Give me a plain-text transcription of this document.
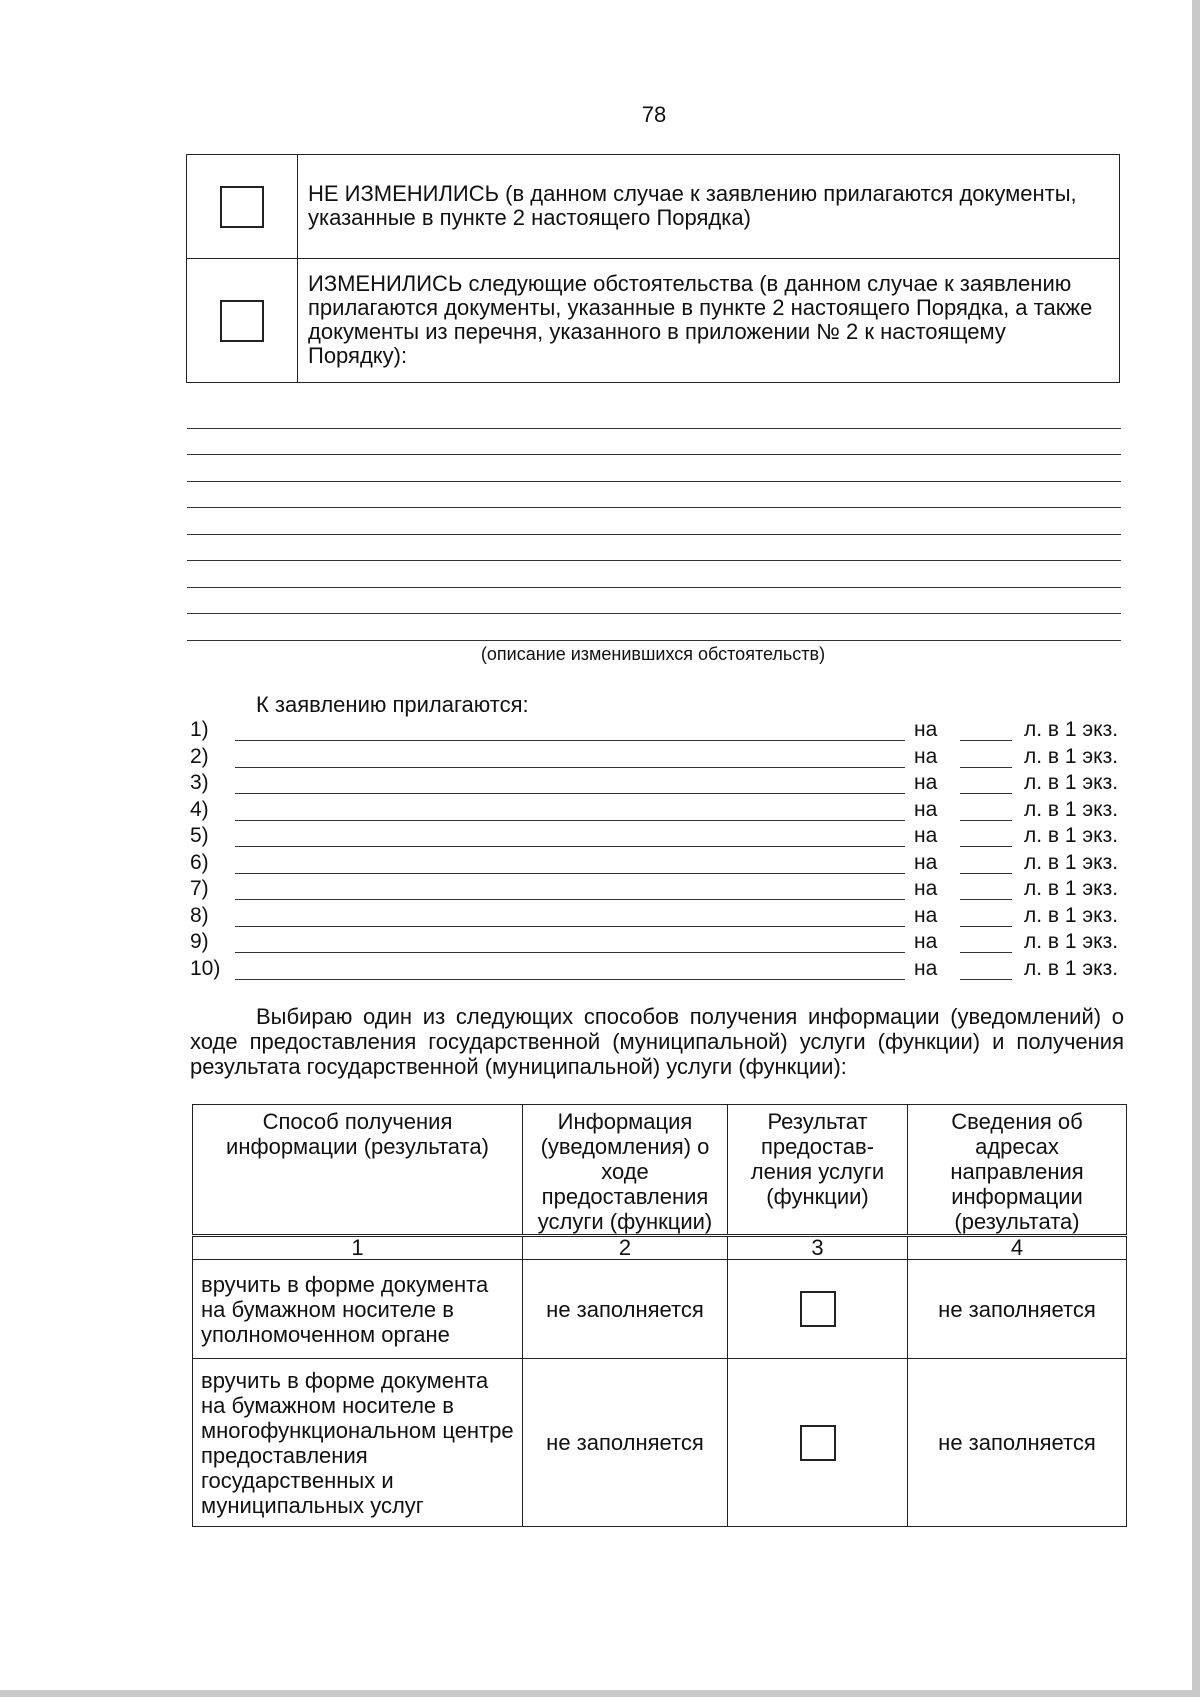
78
	НЕ ИЗМЕНИЛИСЬ (в данном случае к заявлению прилагаются документы, указанные в пункте 2 настоящего Порядка)
	ИЗМЕНИЛИСЬ следующие обстоятельства (в данном случае к заявлению прилагаются документы, указанные в пункте 2 настоящего Порядка, а также документы из перечня, указанного в приложении № 2 к настоящему Порядку):
(описание изменившихся обстоятельств)
К заявлению прилагаются:
1)	на	л. в 1 экз.
2)	на	л. в 1 экз.
3)	на	л. в 1 экз.
4)	на	л. в 1 экз.
5)	на	л. в 1 экз.
6)	на	л. в 1 экз.
7)	на	л. в 1 экз.
8)	на	л. в 1 экз.
9)	на	л. в 1 экз.
10)	на	л. в 1 экз.

Выбираю один из следующих способов получения информации (уведомлений) о ходе предоставления государственной (муниципальной) услуги (функции) и получения результата государственной (муниципальной) услуги (функции):

Способ получения информации (результата)	Информация (уведомления) о ходе предоставления услуги (функции)	Результат предостав-ления услуги (функции)	Сведения об адресах направления информации (результата)
1	2	3	4
вручить в форме документа на бумажном носителе в уполномоченном органе	не заполняется		не заполняется
вручить в форме документа на бумажном носителе в многофункциональном центре предоставления государственных и муниципальных услуг	не заполняется		не заполняется
